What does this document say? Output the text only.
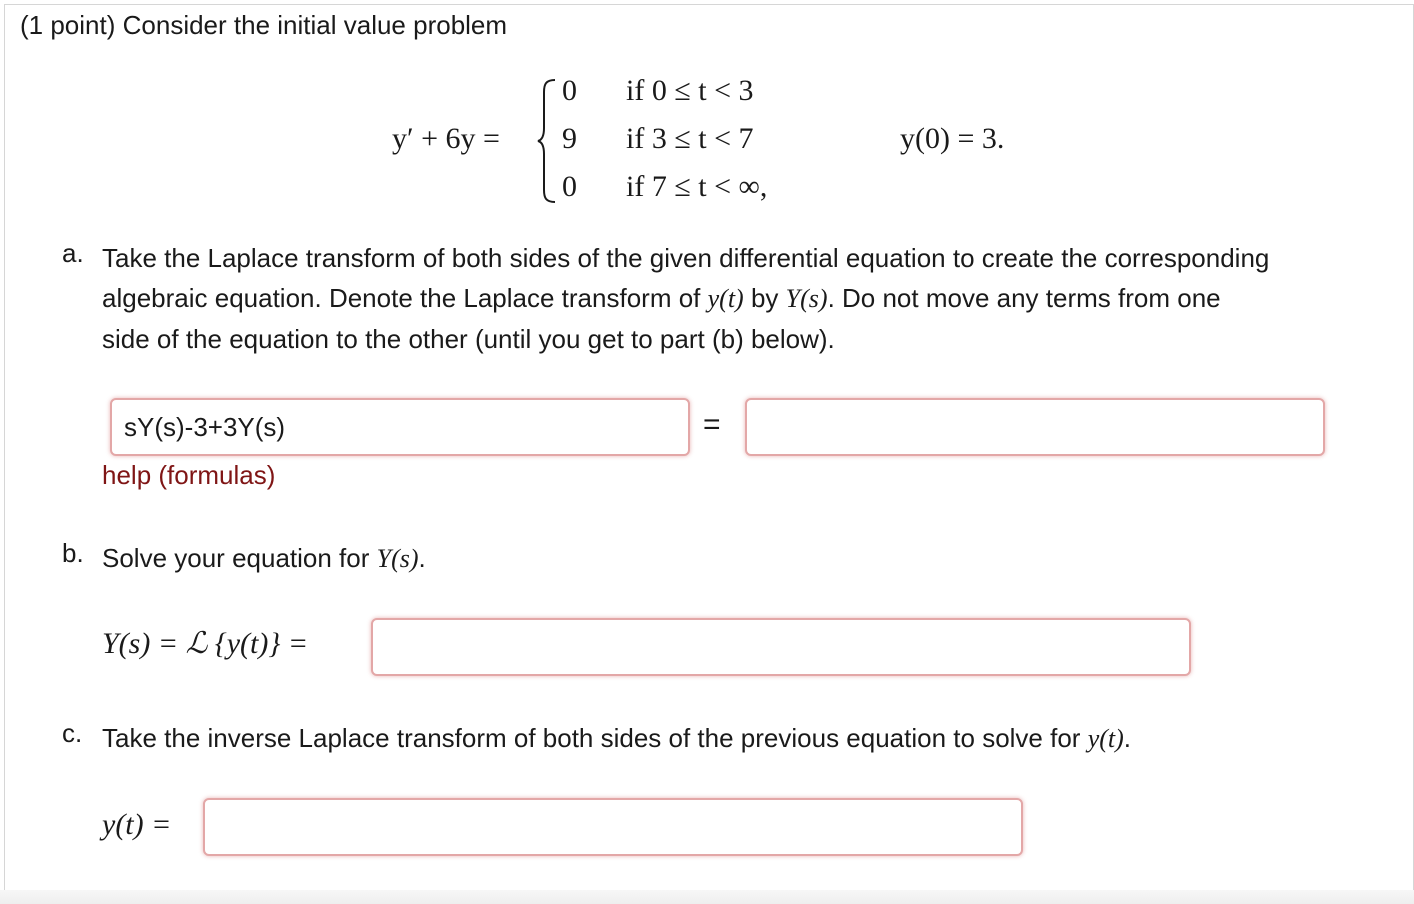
(1 point) Consider the initial value problem
y′ + 6y =
0 if 0 ≤ t < 3
9 if 3 ≤ t < 7
0 if 7 ≤ t < ∞,
y(0) = 3.
a. Take the Laplace transform of both sides of the given differential equation to create the corresponding
algebraic equation. Denote the Laplace transform of y(t) by Y(s). Do not move any terms from one
side of the equation to the other (until you get to part (b) below).
sY(s)-3+3Y(s)
=
help (formulas)
b. Solve your equation for Y(s).
Y(s) = ℒ {y(t)} =
c. Take the inverse Laplace transform of both sides of the previous equation to solve for y(t).
y(t) =
